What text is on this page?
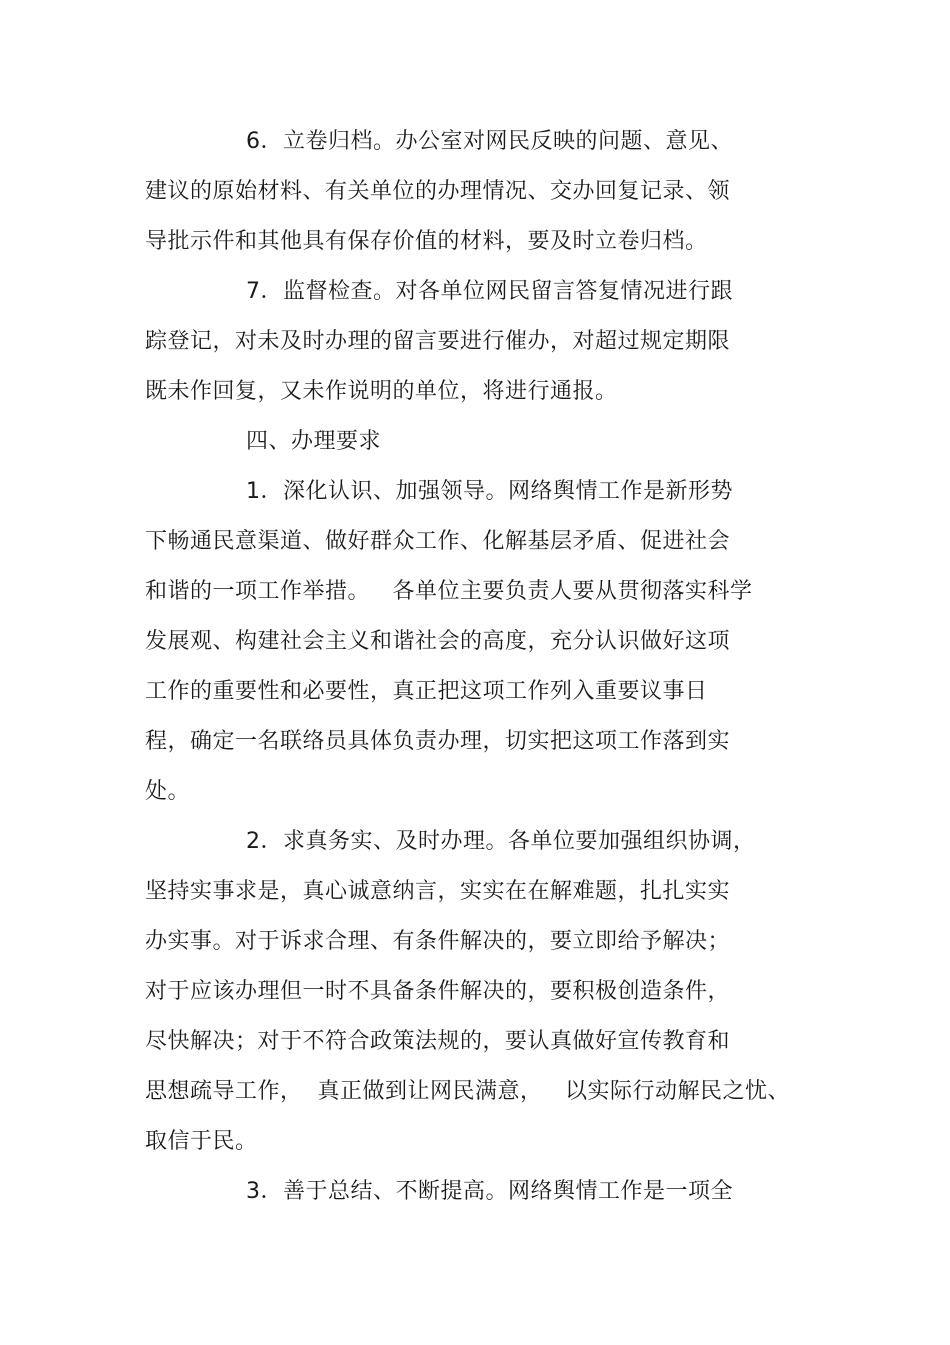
6．立卷归档。办公室对网民反映的问题、意见、
建议的原始材料、有关单位的办理情况、交办回复记录、领
导批示件和其他具有保存价值的材料，要及时立卷归档。
7．监督检查。对各单位网民留言答复情况进行跟
踪登记，对未及时办理的留言要进行催办，对超过规定期限
既未作回复，又未作说明的单位，将进行通报。
四、办理要求
1．深化认识、加强领导。网络舆情工作是新形势
下畅通民意渠道、做好群众工作、化解基层矛盾、促进社会
和谐的一项工作举措。   各单位主要负责人要从贯彻落实科学
发展观、构建社会主义和谐社会的高度，充分认识做好这项
工作的重要性和必要性，真正把这项工作列入重要议事日
程，确定一名联络员具体负责办理，切实把这项工作落到实
处。
2．求真务实、及时办理。各单位要加强组织协调，
坚持实事求是，真心诚意纳言，实实在在解难题，扎扎实实
办实事。对于诉求合理、有条件解决的，要立即给予解决；
对于应该办理但一时不具备条件解决的，要积极创造条件，
尽快解决；对于不符合政策法规的，要认真做好宣传教育和
思想疏导工作，  真正做到让网民满意，   以实际行动解民之忧、
取信于民。
3．善于总结、不断提高。网络舆情工作是一项全
